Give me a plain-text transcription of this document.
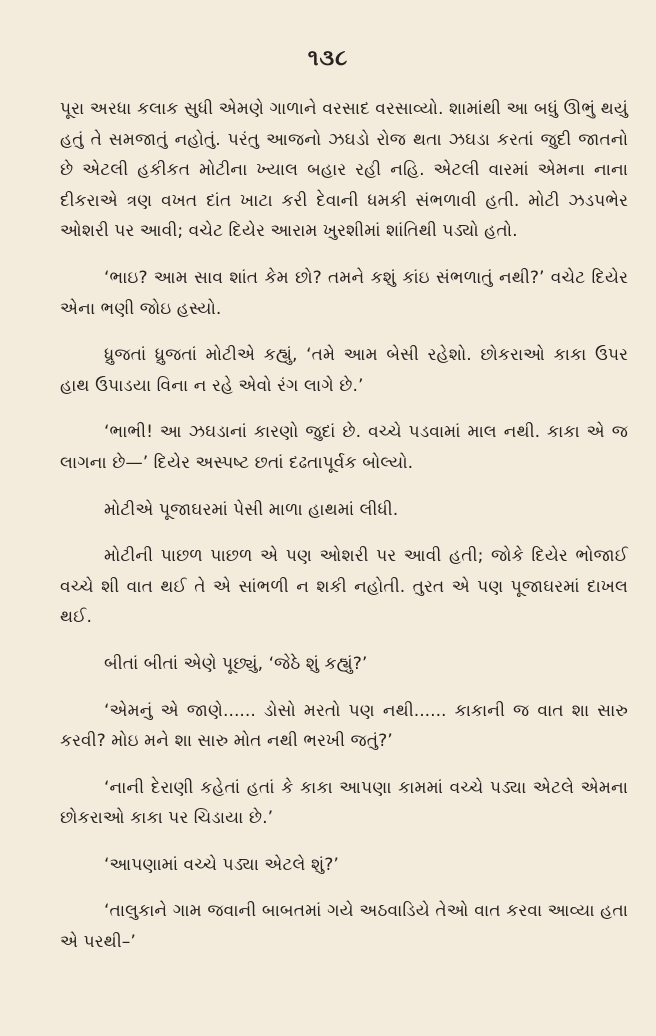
૧૩૮

પૂરા અરધા કલાક સુધી એમણે ગાળાને વરસાદ વરસાવ્યો. શામાંથી આ બધું ઊભું થયું હતું તે સમજાતું નહોતું. પરંતુ આજનો ઝઘડો રોજ થતા ઝઘડા કરતાં જુદી જાતનો છે એટલી હકીકત મોટીના ખ્યાલ બહાર રહી નહિ. એટલી વારમાં એમના નાના દીકરાએ ત્રણ વખત દાંત ખાટા કરી દેવાની ધમકી સંભળાવી હતી. મોટી ઝડપભેર ઓશરી પર આવી; વચેટ દિયેર આરામ ખુરશીમાં શાંતિથી પડ્યો હતો.

‘ભાઇ? આમ સાવ શાંત કેમ છો? તમને કશું કાંઇ સંભળાતું નથી?’ વચેટ દિયેર એના ભણી જોઇ હસ્યો.

ધ્રુજતાં ધ્રુજતાં મોટીએ કહ્યું, ‘તમે આમ બેસી રહેશો. છોકરાઓ કાકા ઉપર હાથ ઉપાડયા વિના ન રહે એવો રંગ લાગે છે.’

‘ભાભી! આ ઝઘડાનાં કારણો જુદાં છે. વચ્ચે પડવામાં માલ નથી. કાકા એ જ લાગના છે—’ દિયેર અસ્પષ્ટ છતાં દઢતાપૂર્વક બોલ્યો.

મોટીએ પૂજાઘરમાં પેસી માળા હાથમાં લીધી.

મોટીની પાછળ પાછળ એ પણ ઓશરી પર આવી હતી; જોકે દિયેર ભોજાઈ વચ્ચે શી વાત થઈ તે એ સાંભળી ન શકી નહોતી. તુરત એ પણ પૂજાઘરમાં દાખલ થઈ.

બીતાં બીતાં એણે પૂછ્યું, ‘જેઠે શું કહ્યું?’

‘એમનું એ જાણે...... ડોસો મરતો પણ નથી...... કાકાની જ વાત શા સારુ કરવી? મોઇ મને શા સારુ મોત નથી ભરખી જતું?’

‘નાની દેરાણી કહેતાં હતાં કે કાકા આપણા કામમાં વચ્ચે પડ્યા એટલે એમના છોકરાઓ કાકા પર ચિડાયા છે.’

‘આપણામાં વચ્ચે પડ્યા એટલે શું?’

‘તાલુકાને ગામ જવાની બાબતમાં ગયે અઠવાડિયે તેઓ વાત કરવા આવ્યા હતા એ પરથી–’
